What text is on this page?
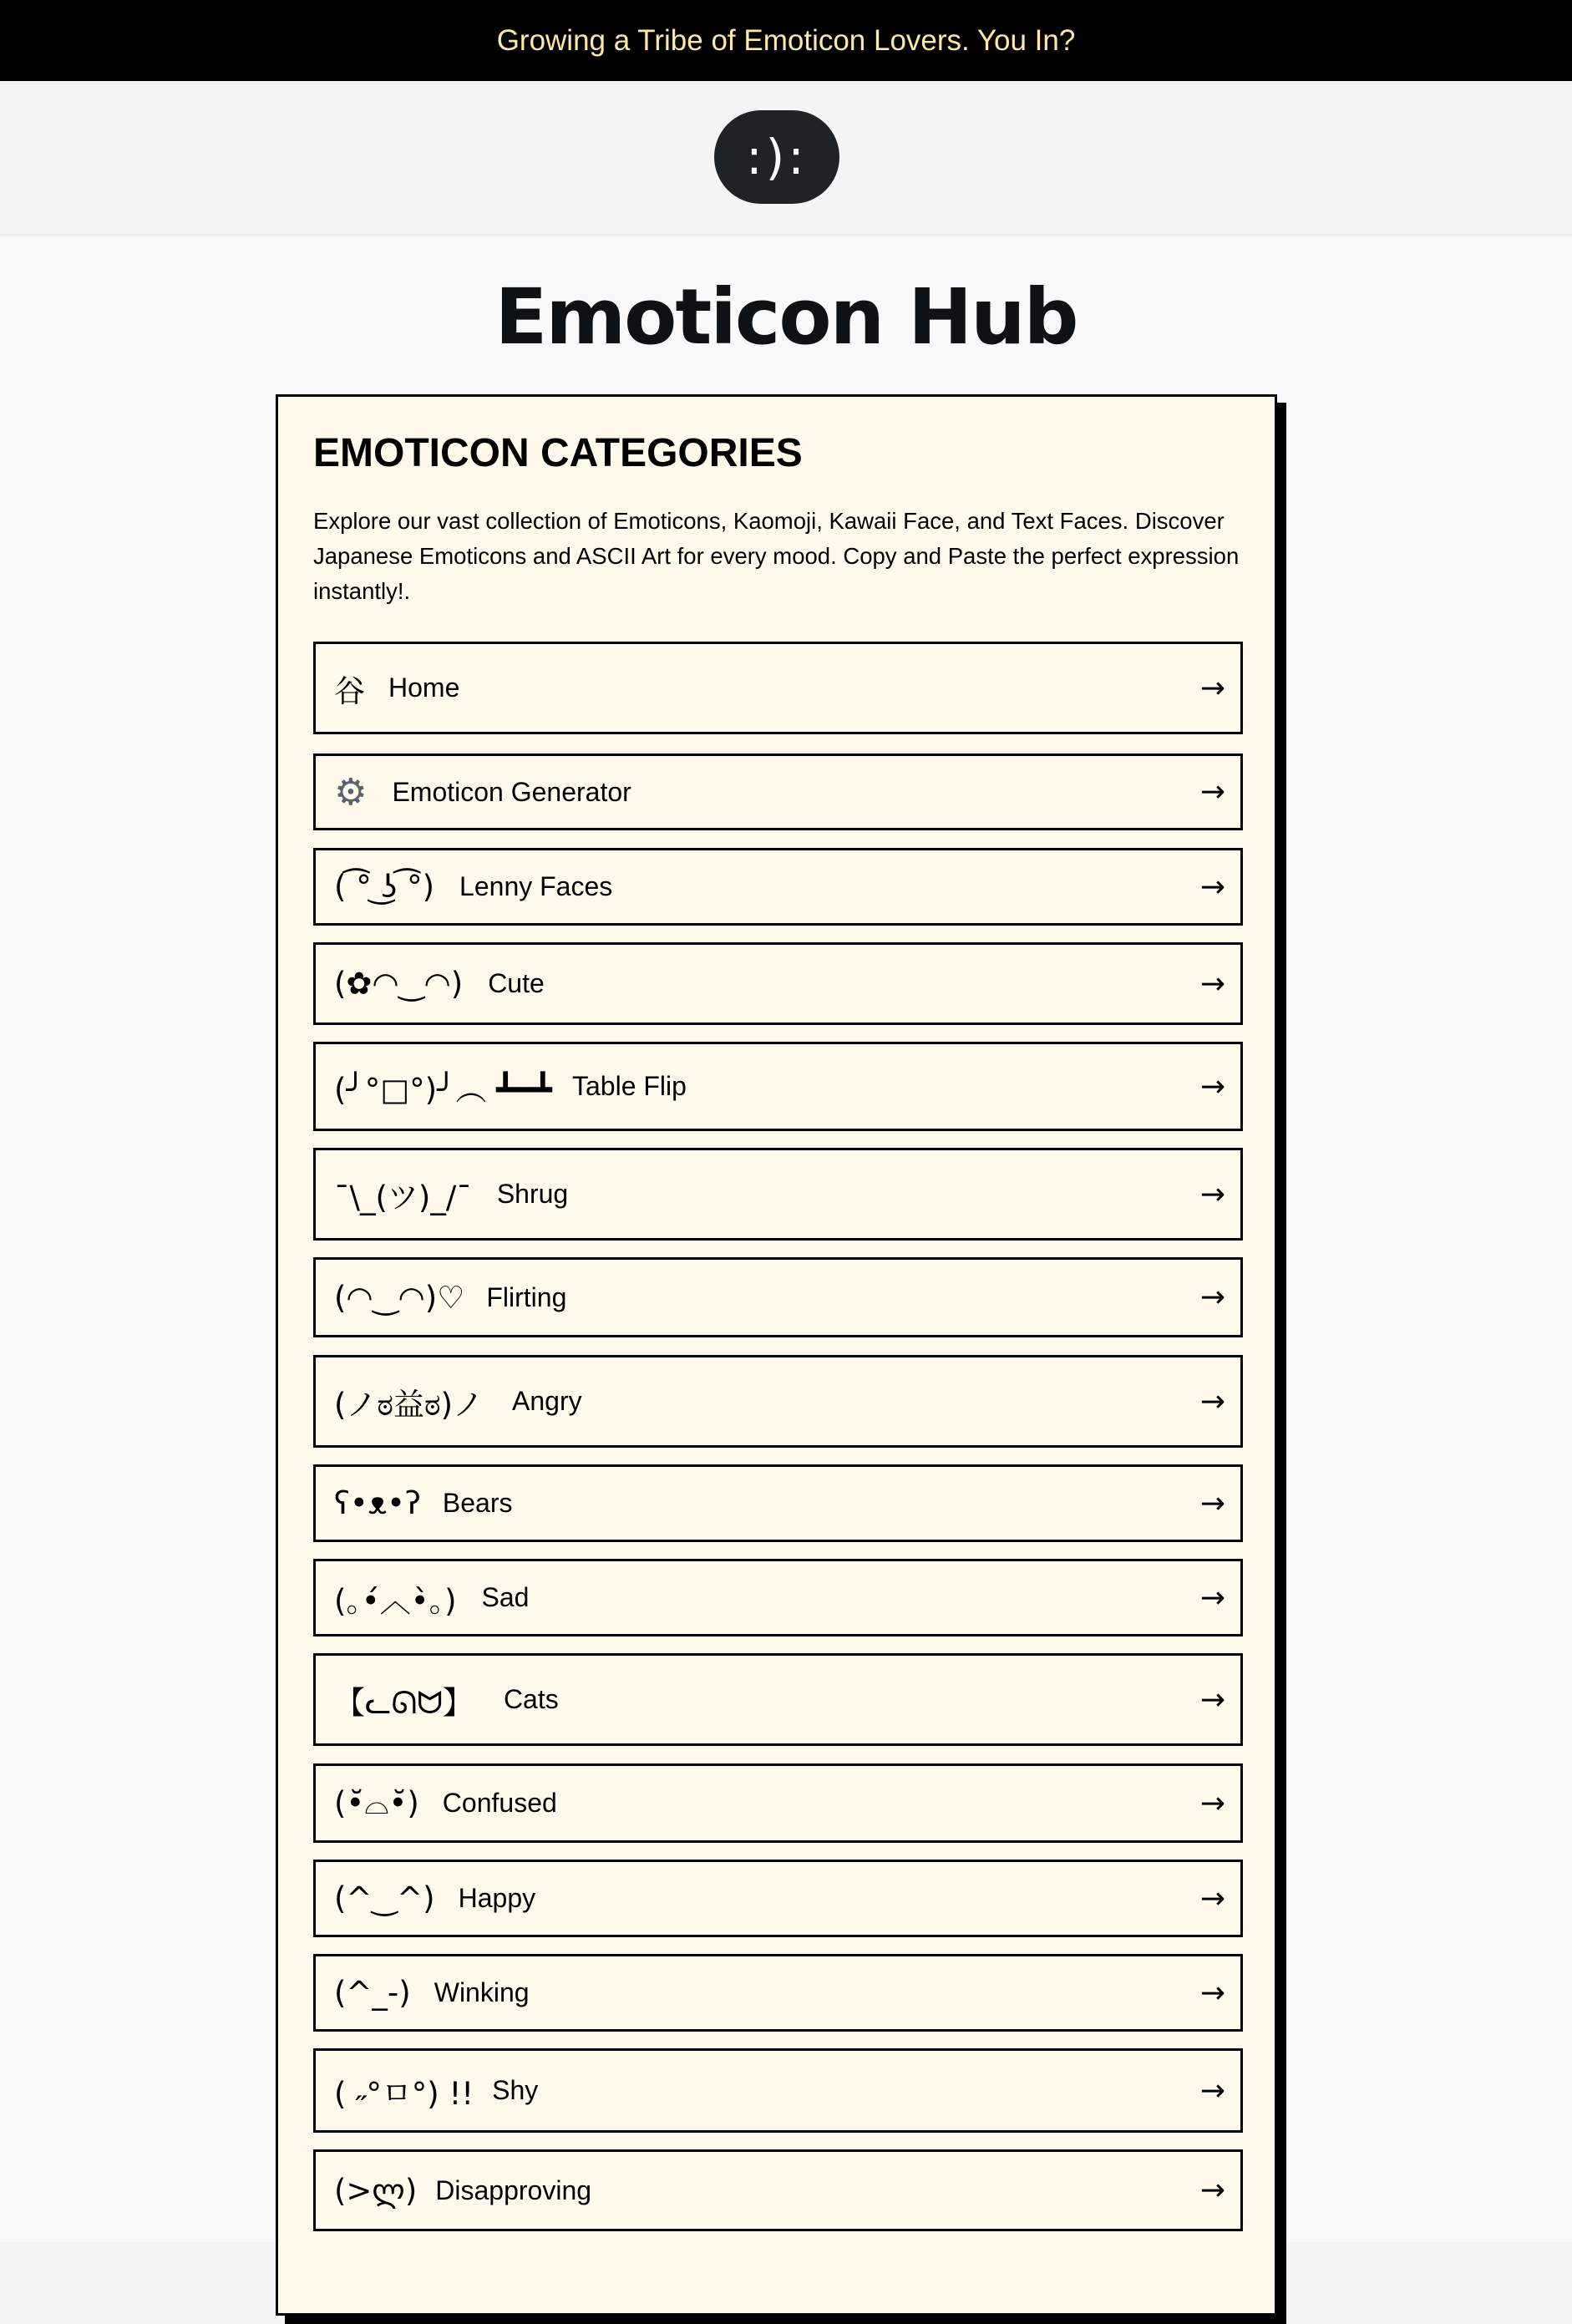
Growing a Tribe of Emoticon Lovers. You In?
:):
Emoticon Hub
EMOTICON CATEGORIES

Explore our vast collection of Emoticons, Kaomoji, Kawaii Face, and Text Faces. Discover Japanese Emoticons and ASCII Art for every mood. Copy and Paste the perfect expression instantly!.

谷 Home	→
⚙ Emoticon Generator	→
( ͡° ͜ʖ ͡°) Lenny Faces	→
(✿◠‿◠) Cute	→
(╯°□°)╯︵ ┻━┻ Table Flip	→
¯\_(ツ)_/¯ Shrug	→
(◠‿◠)♡ Flirting	→
(ノಠ益ಠ)ノ Angry	→
ʕ•ᴥ•ʔ Bears	→
(｡•́︿•̀｡) Sad	→
【ᓚᘏᗢ】 Cats	→
(•̆⌓•̆) Confused	→
(^‿^) Happy	→
(^_-) Winking	→
( ˶°ㅁ°) !! Shy	→
(>ლ) Disapproving	→
